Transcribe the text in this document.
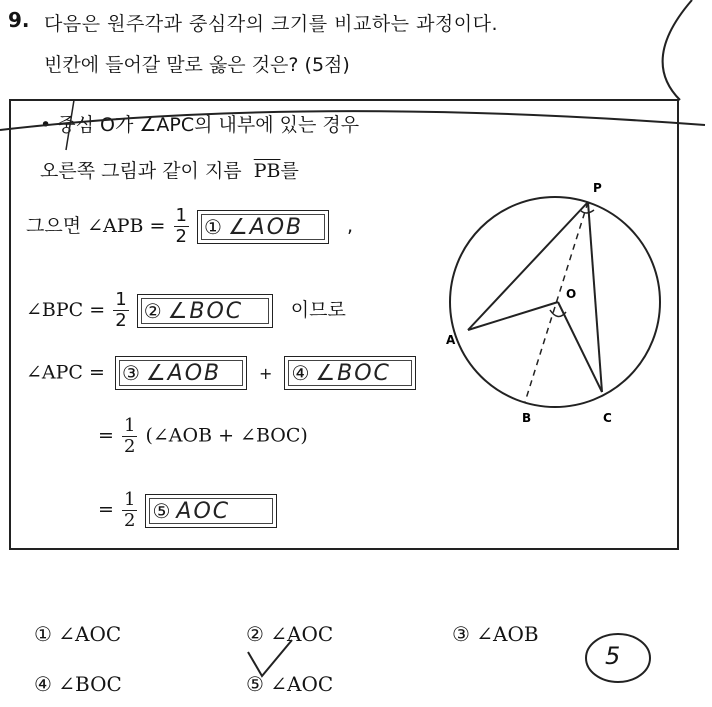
9. 다음은 원주각과 중심각의 크기를 비교하는 과정이다.
빈칸에 들어갈 말로 옳은 것은? (5점)
• 중심 O가 ∠APC의 내부에 있는 경우
오른쪽 그림과 같이 지름 $\overline{PB}$를
그으면 ∠APB = $\frac{1}{2}$
① ∠AOB ,
∠BPC = $\frac{1}{2}$
② ∠BOC	이므로
∠APC = ③ ∠AOB + ④ ∠BOC
= $\frac{1}{2}$ (∠AOB + ∠BOC)
= $\frac{1}{2}$
⑤ AOC
P
O
A
B	C
5
① ∠AOC	② ∠AOC	③ ∠AOB
④ ∠BOC	⑤ ∠AOC
